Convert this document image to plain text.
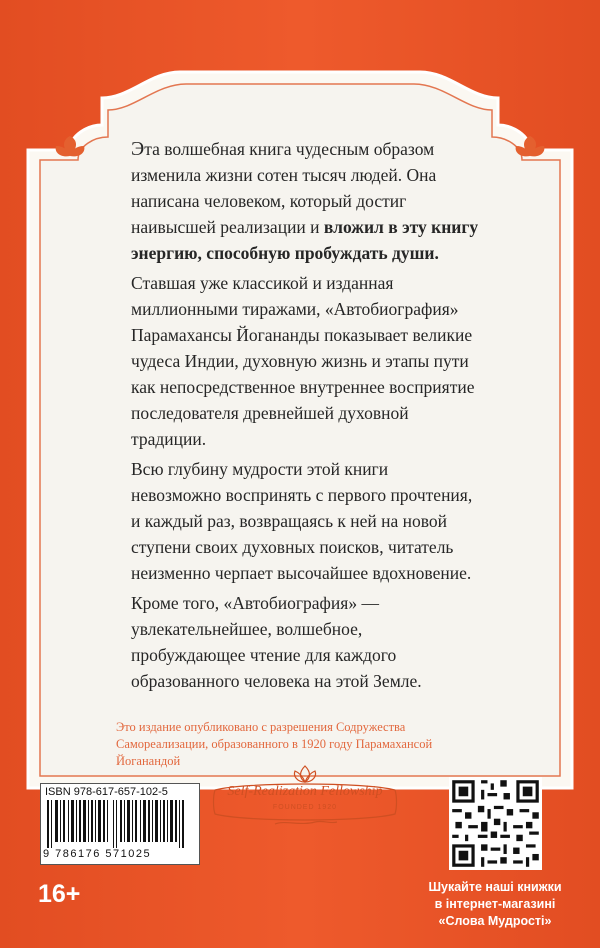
Эта волшебная книга чудесным образом изменила жизни сотен тысяч людей. Она написана человеком, который достиг наивысшей реализации и вложил в эту книгу энергию, способную пробуждать души.

Ставшая уже классикой и изданная миллионными тиражами, «Автобиография» Парамахансы Йогананды показывает великие чудеса Индии, духовную жизнь и этапы пути как непосредственное внутреннее восприятие последователя древнейшей духовной традиции.

Всю глубину мудрости этой книги невозможно воспринять с первого прочтения, и каждый раз, возвращаясь к ней на новой ступени своих духовных поисков, читатель неизменно черпает высочайшее вдохновение.

Кроме того, «Автобиография» — увлекательнейшее, волшебное, пробуждающее чтение для каждого образованного человека на этой Земле.

Это издание опубликовано с разрешения Содружества Самореализации, образованного в 1920 году Парамахансой Йоганандой
ISBN 978-617-657-102-5
9 786176 571025
Self-Realization Fellowship
FOUNDED 1920
16+	Шукайте наші книжки
в інтернет-магазині
«Слова Мудрості»
